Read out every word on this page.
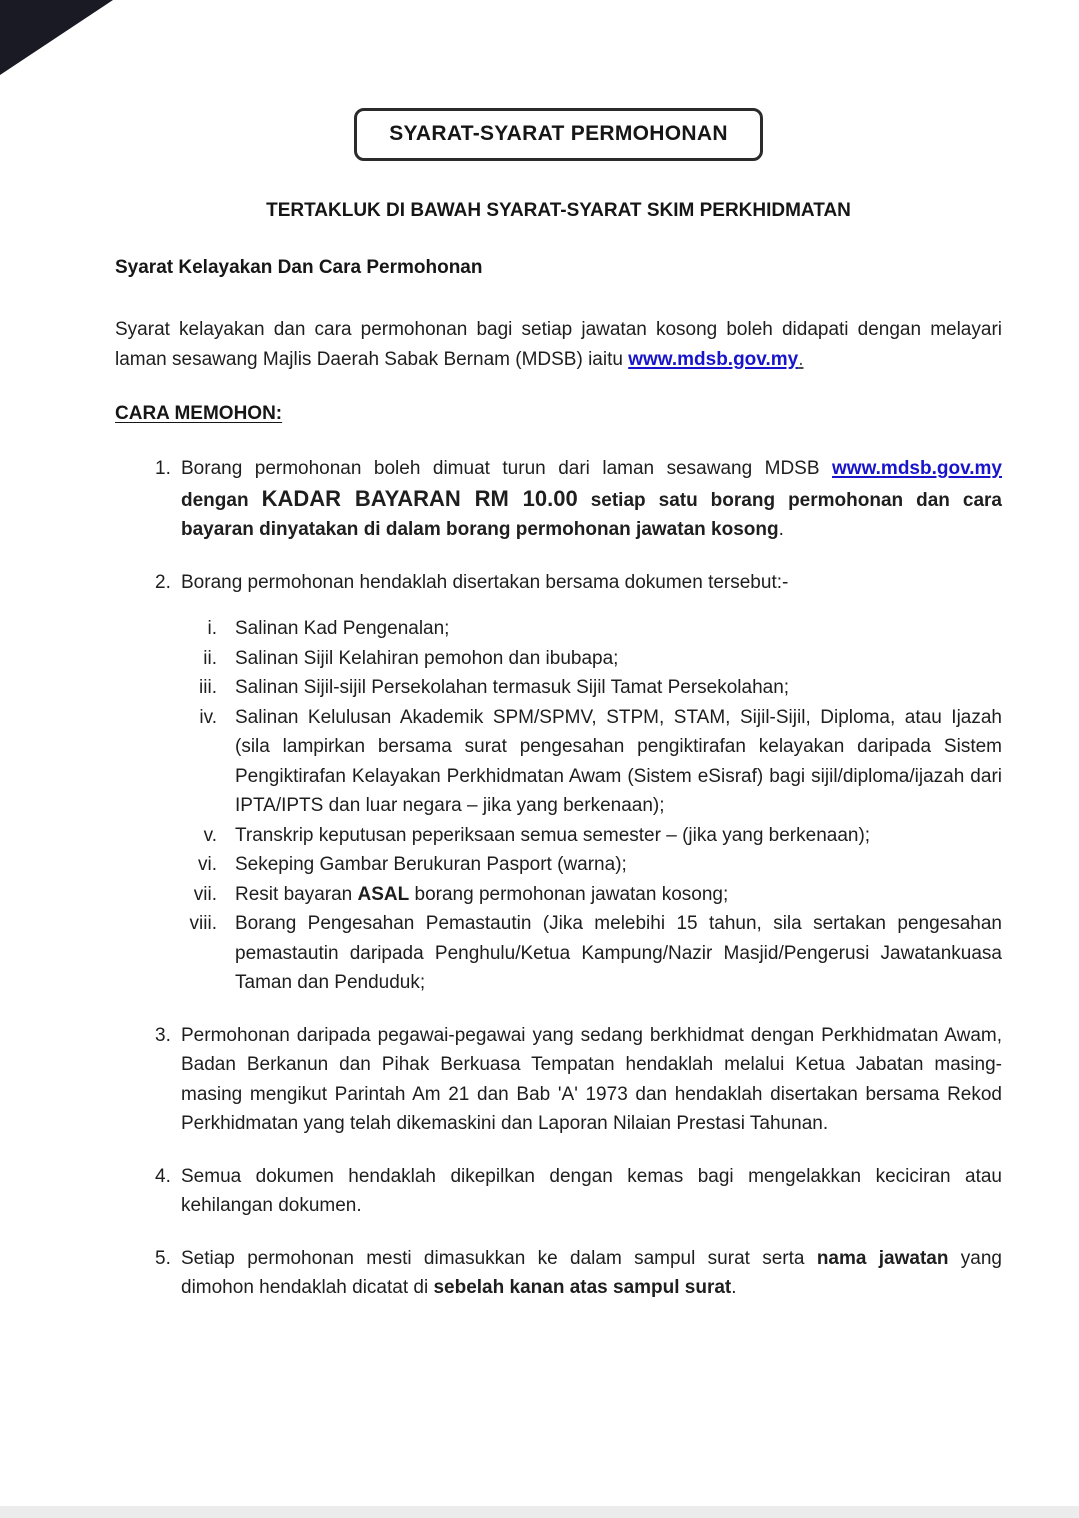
SYARAT-SYARAT PERMOHONAN
TERTAKLUK DI BAWAH SYARAT-SYARAT SKIM PERKHIDMATAN
Syarat Kelayakan Dan Cara Permohonan

Syarat kelayakan dan cara permohonan bagi setiap jawatan kosong boleh didapati dengan melayari laman sesawang Majlis Daerah Sabak Bernam (MDSB) iaitu www.mdsb.gov.my.

CARA MEMOHON:
1. Borang permohonan boleh dimuat turun dari laman sesawang MDSB www.mdsb.gov.my dengan KADAR BAYARAN RM 10.00 setiap satu borang permohonan dan cara bayaran dinyatakan di dalam borang permohonan jawatan kosong.
2. Borang permohonan hendaklah disertakan bersama dokumen tersebut:-
i. Salinan Kad Pengenalan;
ii. Salinan Sijil Kelahiran pemohon dan ibubapa;
iii. Salinan Sijil-sijil Persekolahan termasuk Sijil Tamat Persekolahan;
iv. Salinan Kelulusan Akademik SPM/SPMV, STPM, STAM, Sijil-Sijil, Diploma, atau Ijazah (sila lampirkan bersama surat pengesahan pengiktirafan kelayakan daripada Sistem Pengiktirafan Kelayakan Perkhidmatan Awam (Sistem eSisraf) bagi sijil/diploma/ijazah dari IPTA/IPTS dan luar negara – jika yang berkenaan);
v. Transkrip keputusan peperiksaan semua semester – (jika yang berkenaan);
vi. Sekeping Gambar Berukuran Pasport (warna);
vii. Resit bayaran ASAL borang permohonan jawatan kosong;
viii. Borang Pengesahan Pemastautin (Jika melebihi 15 tahun, sila sertakan pengesahan pemastautin daripada Penghulu/Ketua Kampung/Nazir Masjid/Pengerusi Jawatankuasa Taman dan Penduduk;
3. Permohonan daripada pegawai-pegawai yang sedang berkhidmat dengan Perkhidmatan Awam, Badan Berkanun dan Pihak Berkuasa Tempatan hendaklah melalui Ketua Jabatan masing-masing mengikut Parintah Am 21 dan Bab 'A' 1973 dan hendaklah disertakan bersama Rekod Perkhidmatan yang telah dikemaskini dan Laporan Nilaian Prestasi Tahunan.
4. Semua dokumen hendaklah dikepilkan dengan kemas bagi mengelakkan keciciran atau kehilangan dokumen.
5. Setiap permohonan mesti dimasukkan ke dalam sampul surat serta nama jawatan yang dimohon hendaklah dicatat di sebelah kanan atas sampul surat.
